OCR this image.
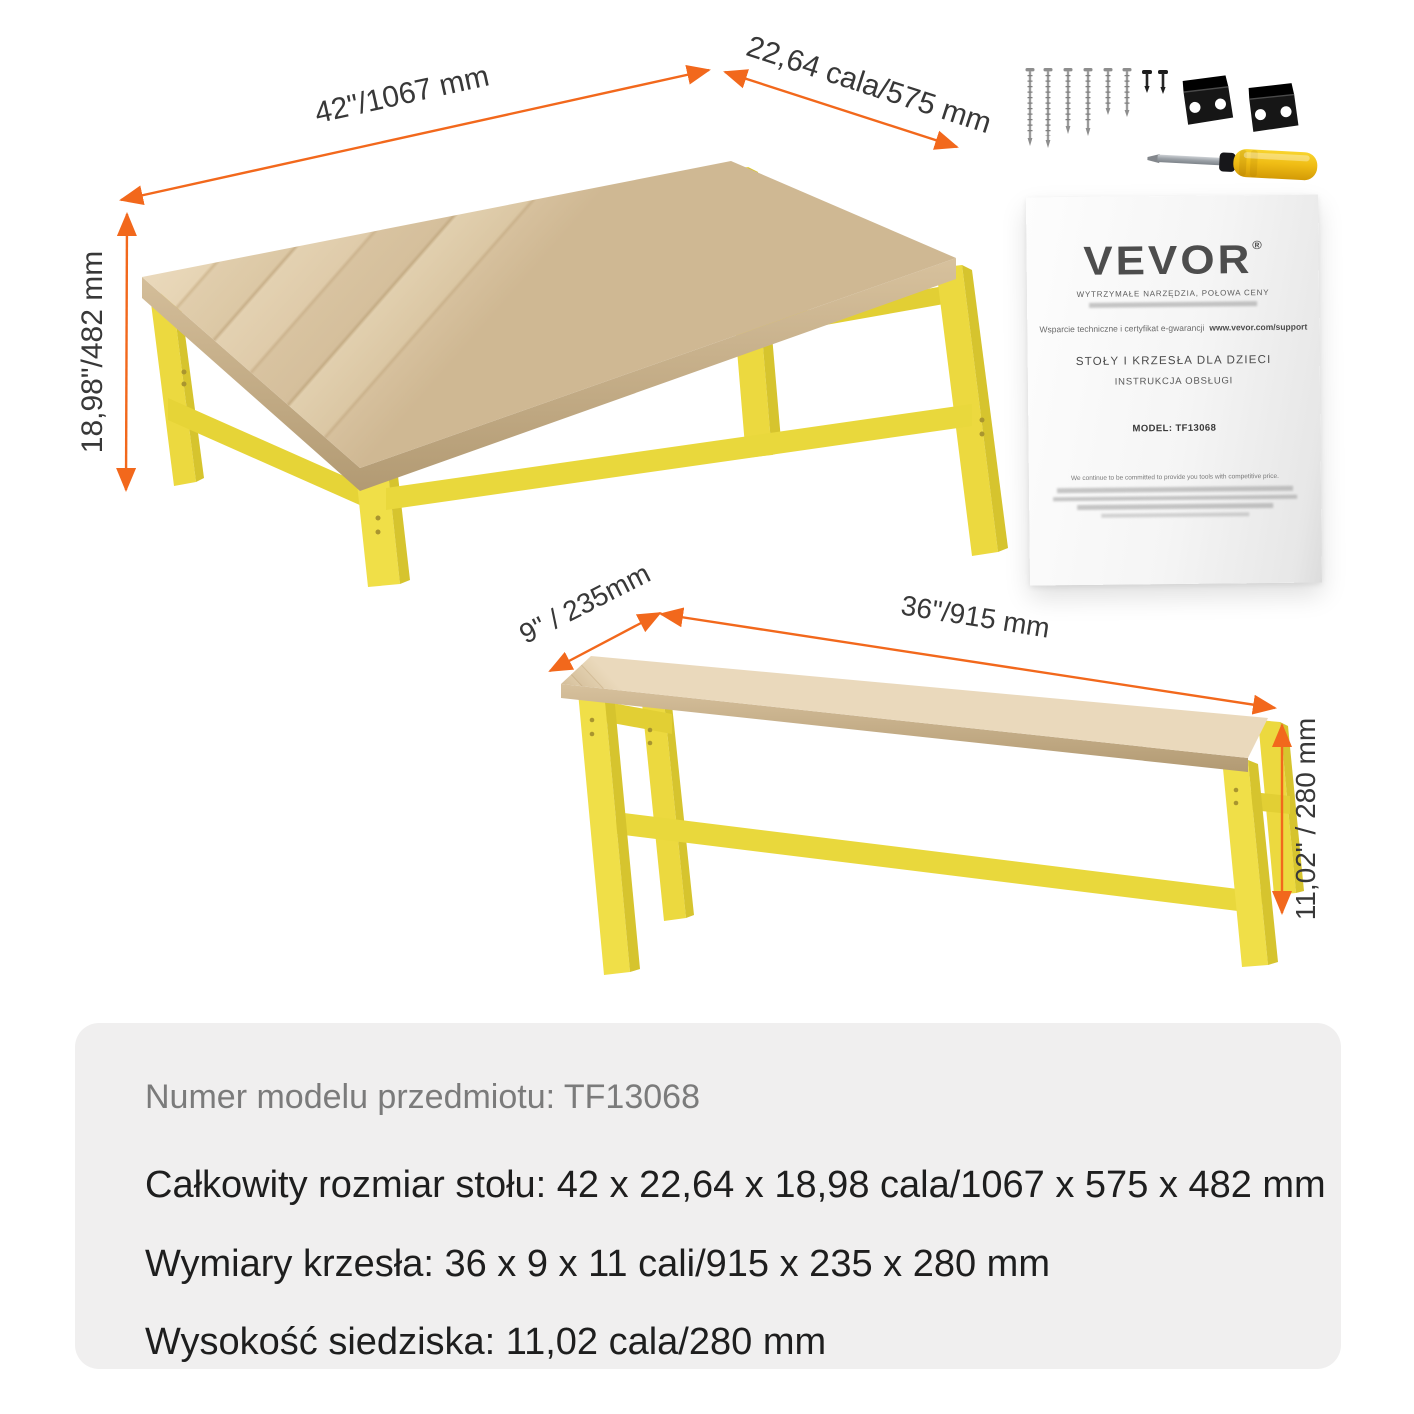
42"/1067 mm	22,64 cala/575 mm
18,98"/482 mm
9" / 235mm	36"/915 mm
11,02" / 280 mm
VEVOR®
WYTRZYMAŁE NARZĘDZIA, POŁOWA CENY
Wsparcie techniczne i certyfikat e-gwarancji www.vevor.com/support
STOŁY I KRZESŁA DLA DZIECI
INSTRUKCJA OBSŁUGI
MODEL: TF13068
We continue to be committed to provide you tools with competitive price.
Numer modelu przedmiotu: TF13068
Całkowity rozmiar stołu: 42 x 22,64 x 18,98 cala/1067 x 575 x 482 mm
Wymiary krzesła: 36 x 9 x 11 cali/915 x 235 x 280 mm
Wysokość siedziska: 11,02 cala/280 mm
